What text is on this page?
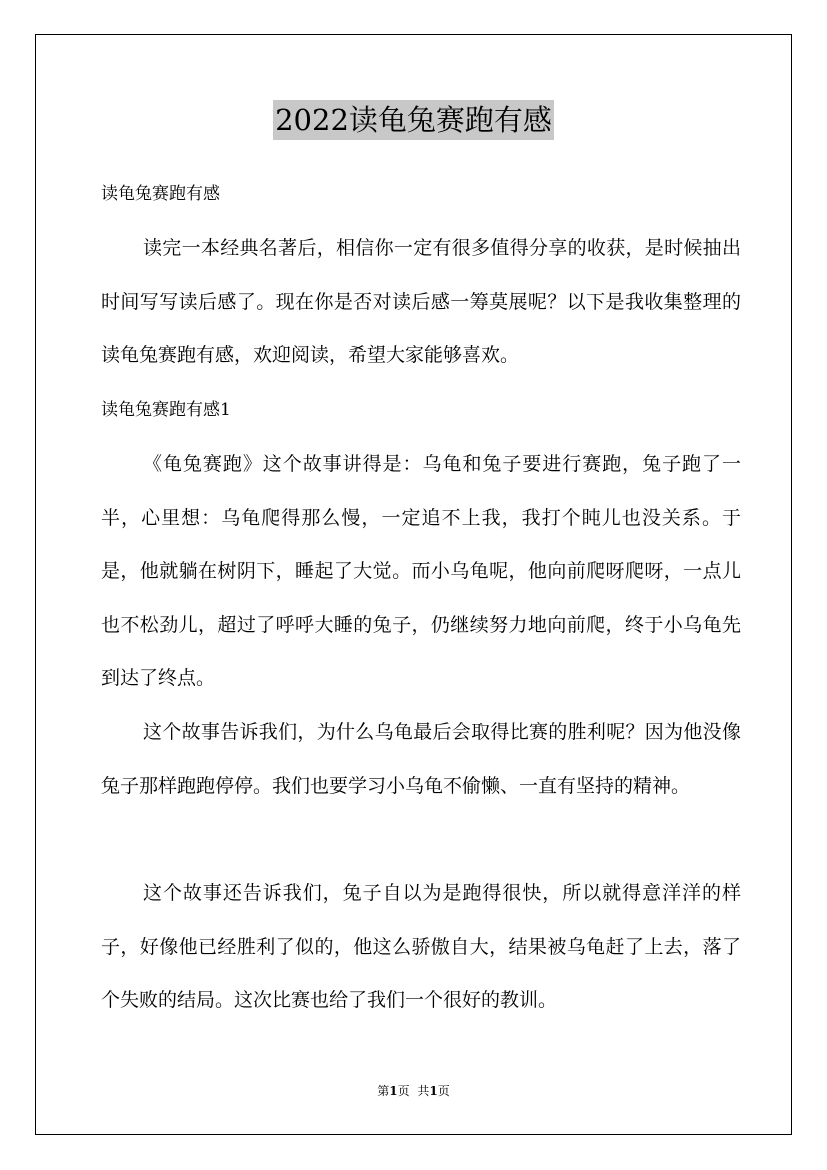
2022读龟兔赛跑有感
读龟兔赛跑有感

读完一本经典名著后，相信你一定有很多值得分享的收获，是时候抽出时间写写读后感了。现在你是否对读后感一筹莫展呢？以下是我收集整理的读龟兔赛跑有感，欢迎阅读，希望大家能够喜欢。

读龟兔赛跑有感1

《龟兔赛跑》这个故事讲得是：乌龟和兔子要进行赛跑，兔子跑了一半，心里想：乌龟爬得那么慢，一定追不上我，我打个盹儿也没关系。于是，他就躺在树阴下，睡起了大觉。而小乌龟呢，他向前爬呀爬呀，一点儿也不松劲儿，超过了呼呼大睡的兔子，仍继续努力地向前爬，终于小乌龟先到达了终点。

这个故事告诉我们，为什么乌龟最后会取得比赛的胜利呢？因为他没像兔子那样跑跑停停。我们也要学习小乌龟不偷懒、一直有坚持的精神。

这个故事还告诉我们，兔子自以为是跑得很快，所以就得意洋洋的样子，好像他已经胜利了似的，他这么骄傲自大，结果被乌龟赶了上去，落了个失败的结局。这次比赛也给了我们一个很好的教训。

第1页 共1页
